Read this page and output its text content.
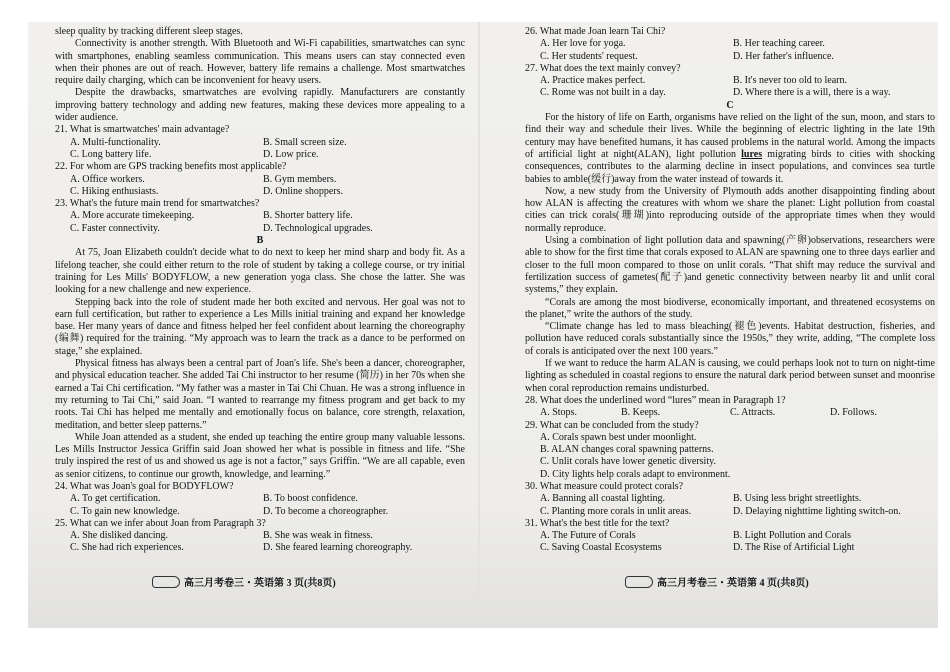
sleep quality by tracking different sleep stages.

Connectivity is another strength. With Bluetooth and Wi-Fi capabilities, smartwatches can sync with smartphones, enabling seamless communication. This means users can stay connected even when their phones are out of reach. However, battery life remains a challenge. Most smartwatches require daily charging, which can be inconvenient for heavy users.

Despite the drawbacks, smartwatches are evolving rapidly. Manufacturers are constantly improving battery technology and adding new features, making these devices more appealing to a wider audience.

21. What is smartwatches' main advantage?
A. Multi-functionality.	B. Small screen size.
C. Long battery life.	D. Low price.
22. For whom are GPS tracking benefits most applicable?
A. Office workers.	B. Gym members.
C. Hiking enthusiasts.	D. Online shoppers.
23. What's the future main trend for smartwatches?
A. More accurate timekeeping.	B. Shorter battery life.
C. Faster connectivity.	D. Technological upgrades.
B

At 75, Joan Elizabeth couldn't decide what to do next to keep her mind sharp and body fit. As a lifelong teacher, she could either return to the role of student by taking a college course, or try initial training for Les Mills' BODYFLOW, a new generation yoga class. She chose the latter. She was looking for a new challenge and new experience.

Stepping back into the role of student made her both excited and nervous. Her goal was not to earn full certification, but rather to experience a Les Mills initial training and expand her knowledge base. Her many years of dance and fitness helped her feel confident about learning the choreography (编舞) required for the training. “My approach was to learn the track as a dance to be performed on stage,” she explained.

Physical fitness has always been a central part of Joan's life. She's been a dancer, choreographer, and physical education teacher. She added Tai Chi instructor to her resume (简历) in her 70s when she earned a Tai Chi certification. “My father was a master in Tai Chi Chuan. He was a strong influence in my returning to Tai Chi,” said Joan. “I wanted to rearrange my fitness program and get back to my roots. Tai Chi has helped me mentally and emotionally focus on balance, core strength, relaxation, meditation, and better sleep patterns.”

While Joan attended as a student, she ended up teaching the entire group many valuable lessons. Les Mills Instructor Jessica Griffin said Joan showed her what is possible in fitness and life. “She truly inspired the rest of us and showed us age is not a factor,” says Griffin. “We are all capable, even as senior citizens, to continue our growth, knowledge, and learning.”

24. What was Joan's goal for BODYFLOW?
A. To get certification.	B. To boost confidence.
C. To gain new knowledge.	D. To become a choreographer.
25. What can we infer about Joan from Paragraph 3?
A. She disliked dancing.	B. She was weak in fitness.
C. She had rich experiences.	D. She feared learning choreography.
高三月考卷三・英语第 3 页(共8页)
26. What made Joan learn Tai Chi?
A. Her love for yoga.	B. Her teaching career.
C. Her students' request.	D. Her father's influence.
27. What does the text mainly convey?
A. Practice makes perfect.	B. It's never too old to learn.
C. Rome was not built in a day.	D. Where there is a will, there is a way.
C

For the history of life on Earth, organisms have relied on the light of the sun, moon, and stars to find their way and schedule their lives. While the beginning of electric lighting in the late 19th century may have benefited humans, it has caused problems in the natural world. Among the impacts of artificial light at night(ALAN), light pollution lures migrating birds to cities with shocking consequences, contributes to the alarming decline in insect populations, and convinces sea turtle babies to amble(缓行)away from the water instead of towards it.

Now, a new study from the University of Plymouth adds another disappointing finding about how ALAN is affecting the creatures with whom we share the planet: Light pollution from coastal cities can trick corals(珊瑚)into reproducing outside of the appropriate times when they would normally reproduce.

Using a combination of light pollution data and spawning(产卵)observations, researchers were able to show for the first time that corals exposed to ALAN are spawning one to three days earlier and closer to the full moon compared to those on unlit corals. “That shift may reduce the survival and fertilization success of gametes(配子)and genetic connectivity between nearby lit and unlit coral systems,” they explain.

“Corals are among the most biodiverse, economically important, and threatened ecosystems on the planet,” write the authors of the study.

“Climate change has led to mass bleaching(褪色)events. Habitat destruction, fisheries, and pollution have reduced corals substantially since the 1950s,” they write, adding, “The complete loss of corals is anticipated over the next 100 years.”

If we want to reduce the harm ALAN is causing, we could perhaps look not to turn on night-time lighting as scheduled in coastal regions to ensure the natural dark period between sunset and moonrise when coral reproduction remains undisturbed.

28. What does the underlined word “lures” mean in Paragraph 1?
A. Stops.	B. Keeps.	C. Attracts.	D. Follows.
29. What can be concluded from the study?
A. Corals spawn best under moonlight.
B. ALAN changes coral spawning patterns.
C. Unlit corals have lower genetic diversity.
D. City lights help corals adapt to environment.
30. What measure could protect corals?
A. Banning all coastal lighting.	B. Using less bright streetlights.
C. Planting more corals in unlit areas.	D. Delaying nighttime lighting switch-on.
31. What's the best title for the text?
A. The Future of Corals	B. Light Pollution and Corals
C. Saving Coastal Ecosystems	D. The Rise of Artificial Light
高三月考卷三・英语第 4 页(共8页)
